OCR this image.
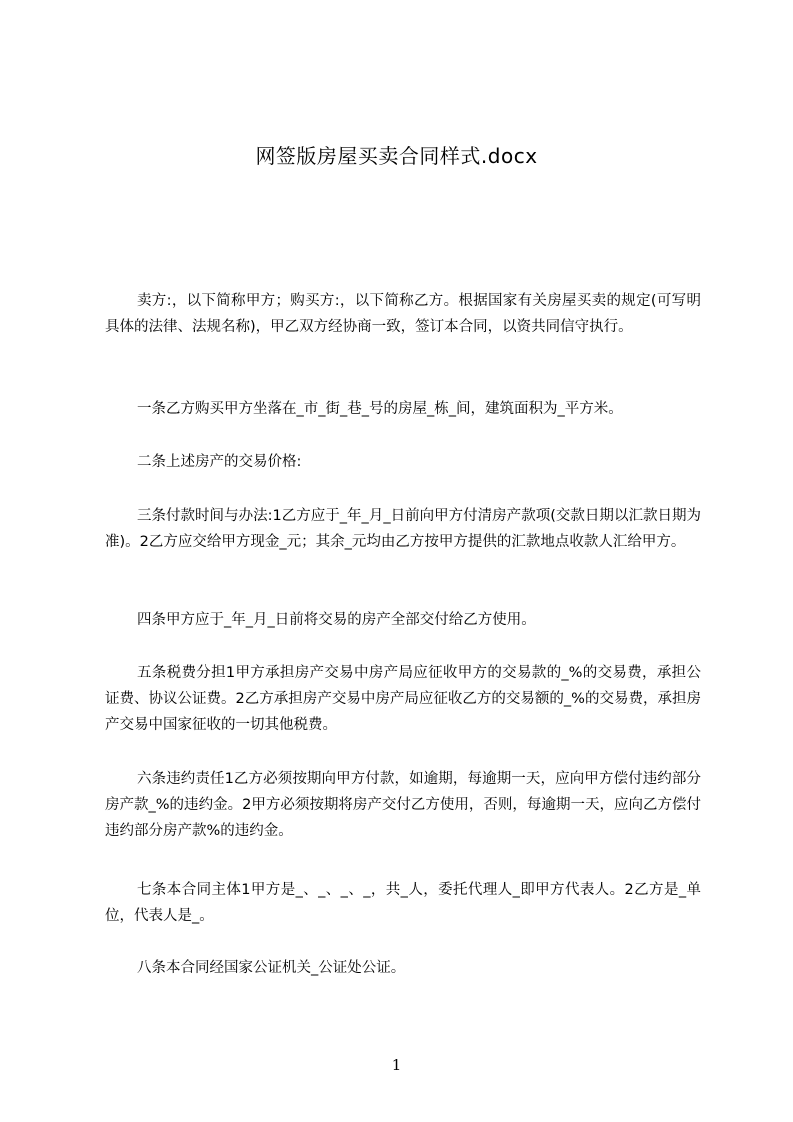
网签版房屋买卖合同样式.docx

卖方:，以下简称甲方；购买方:，以下简称乙方。根据国家有关房屋买卖的规定(可写明具体的法律、法规名称)，甲乙双方经协商一致，签订本合同，以资共同信守执行。

一条乙方购买甲方坐落在_市_街_巷_号的房屋_栋_间，建筑面积为_平方米。

二条上述房产的交易价格:

三条付款时间与办法:1乙方应于_年_月_日前向甲方付清房产款项(交款日期以汇款日期为准)。2乙方应交给甲方现金_元；其余_元均由乙方按甲方提供的汇款地点收款人汇给甲方。

四条甲方应于_年_月_日前将交易的房产全部交付给乙方使用。

五条税费分担1甲方承担房产交易中房产局应征收甲方的交易款的_%的交易费，承担公证费、协议公证费。2乙方承担房产交易中房产局应征收乙方的交易额的_%的交易费，承担房产交易中国家征收的一切其他税费。

六条违约责任1乙方必须按期向甲方付款，如逾期，每逾期一天，应向甲方偿付违约部分房产款_%的违约金。2甲方必须按期将房产交付乙方使用，否则，每逾期一天，应向乙方偿付违约部分房产款%的违约金。

七条本合同主体1甲方是_、_、_、_，共_人，委托代理人_即甲方代表人。2乙方是_单位，代表人是_。

八条本合同经国家公证机关_公证处公证。

1
